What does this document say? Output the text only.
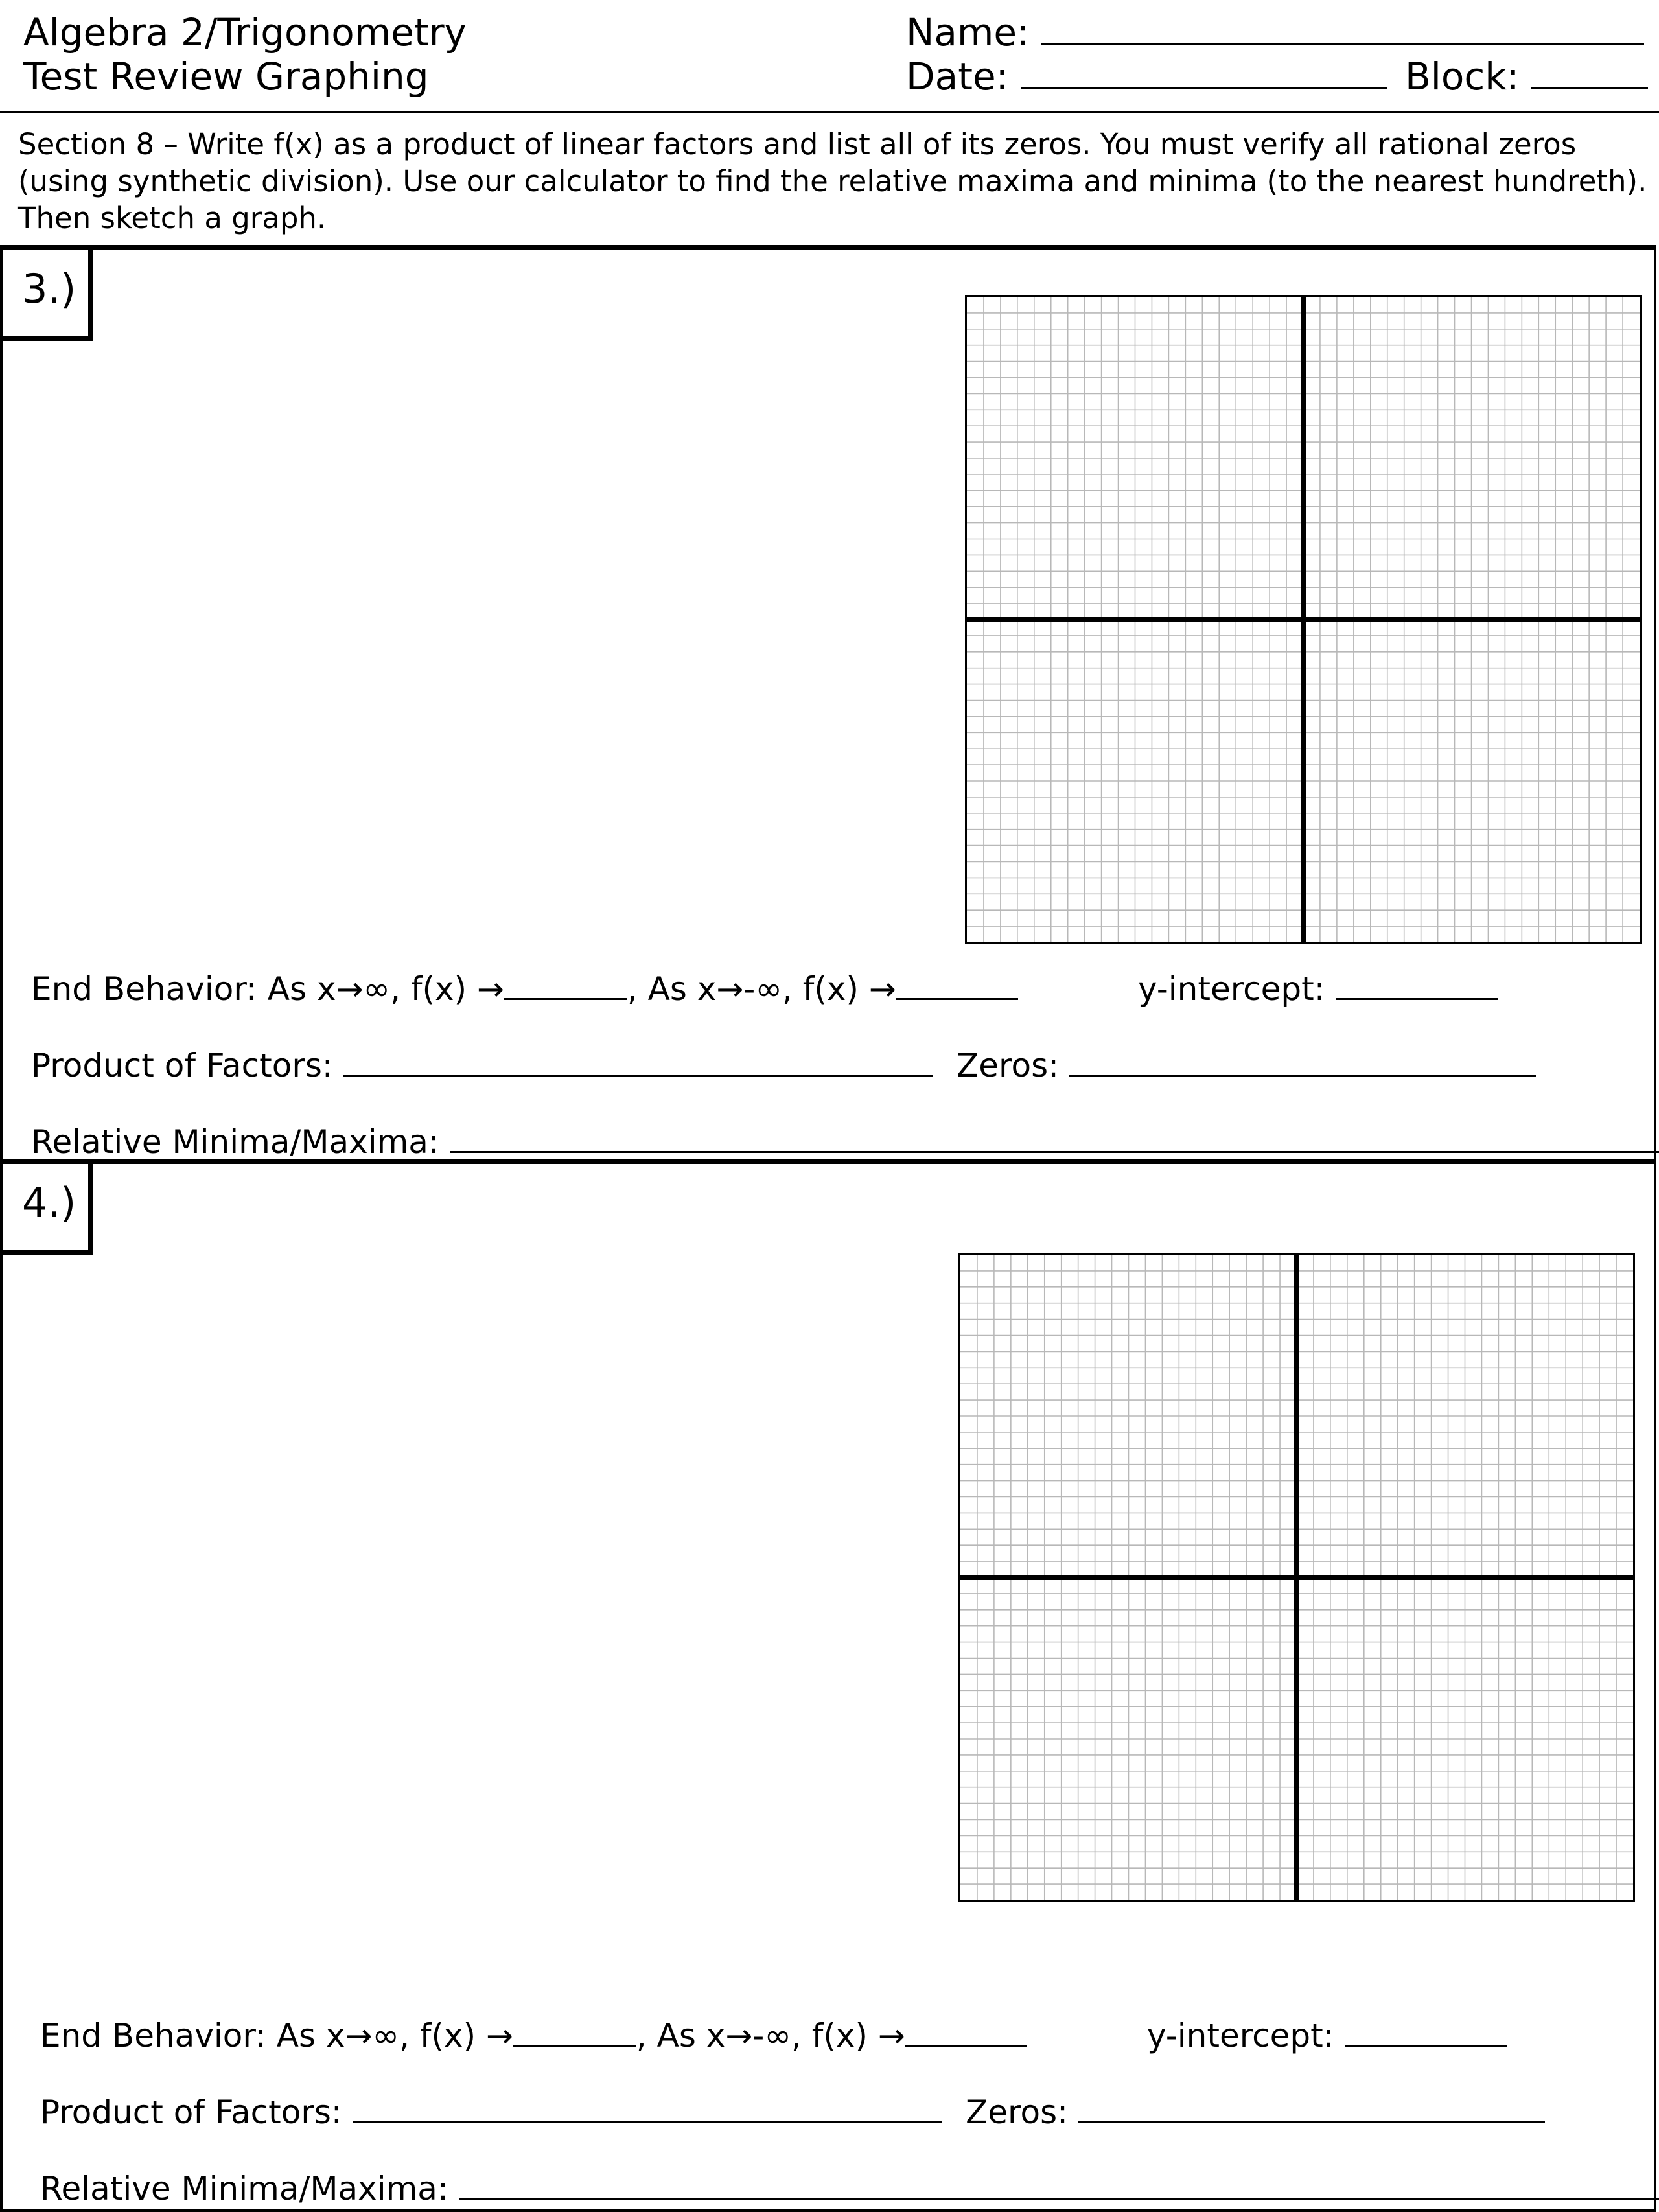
Algebra 2/Trigonometry
Test Review Graphing
Name:
Date:	Block:
Section 8 – Write f(x) as a product of linear factors and list all of its zeros. You must verify all rational zeros
(using synthetic division). Use our calculator to find the relative maxima and minima (to the nearest hundreth).
Then sketch a graph.
3.)
End Behavior: As x→∞, f(x) →	, As x→-∞, f(x) →	y-intercept:
Product of Factors:	Zeros:
Relative Minima/Maxima:
4.)
End Behavior: As x→∞, f(x) →	, As x→-∞, f(x) →	y-intercept:
Product of Factors:	Zeros:
Relative Minima/Maxima:
